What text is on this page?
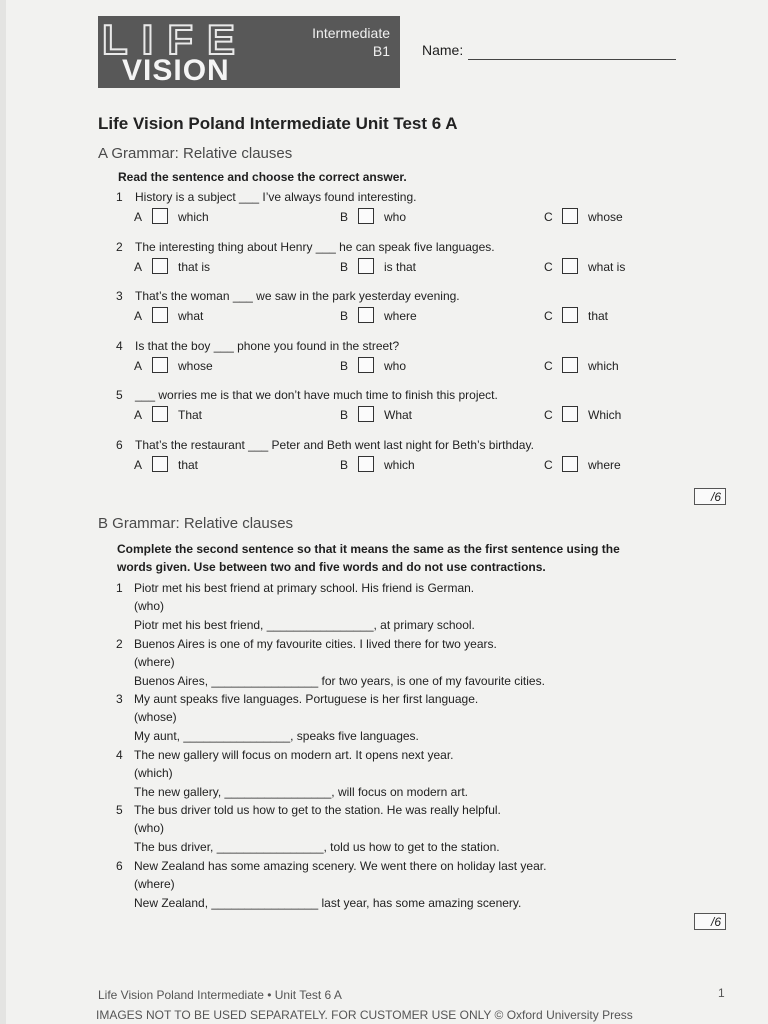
LIFE
VISION
Intermediate
B1 Name:
Life Vision Poland Intermediate Unit Test 6 A
A Grammar: Relative clauses
Read the sentence and choose the correct answer.
1 History is a subject ___ I’ve always found interesting.
A	which	B	who	C	whose
2 The interesting thing about Henry ___ he can speak five languages.
A	that is	B	is that	C	what is
3 That’s the woman ___ we saw in the park yesterday evening.
A	what	B	where	C	that
4 Is that the boy ___ phone you found in the street?
A	whose	B	who	C	which
5 ___ worries me is that we don’t have much time to finish this project.
A	That	B	What	C	Which
6 That’s the restaurant ___ Peter and Beth went last night for Beth’s birthday.
A	that	B	which	C	where
/6
B Grammar: Relative clauses
Complete the second sentence so that it means the same as the first sentence using the
words given. Use between two and five words and do not use contractions.
1 Piotr met his best friend at primary school. His friend is German.
(who)
Piotr met his best friend, ________________, at primary school.
2 Buenos Aires is one of my favourite cities. I lived there for two years.
(where)
Buenos Aires, ________________ for two years, is one of my favourite cities.
3 My aunt speaks five languages. Portuguese is her first language.
(whose)
My aunt, ________________, speaks five languages.
4 The new gallery will focus on modern art. It opens next year.
(which)
The new gallery, ________________, will focus on modern art.
5 The bus driver told us how to get to the station. He was really helpful.
(who)
The bus driver, ________________, told us how to get to the station.
6 New Zealand has some amazing scenery. We went there on holiday last year.
(where)
New Zealand, ________________ last year, has some amazing scenery.
/6
Life Vision Poland Intermediate • Unit Test 6 A	1
IMAGES NOT TO BE USED SEPARATELY. FOR CUSTOMER USE ONLY © Oxford University Press
